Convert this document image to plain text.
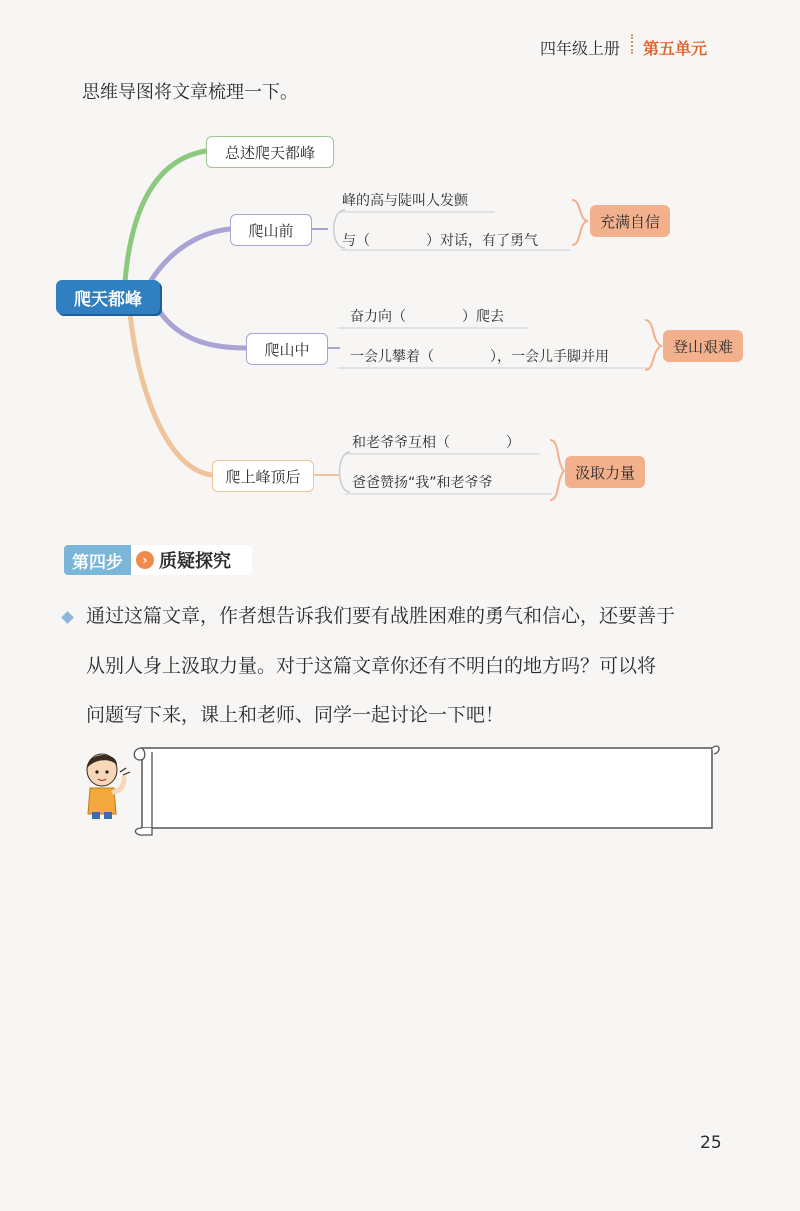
四年级上册 第五单元
思维导图将文章梳理一下。
爬天都峰
总述爬天都峰
爬山前
峰的高与陡叫人发颤
与（　　　　）对话，有了勇气
充满自信
爬山中
奋力向（　　　　）爬去
一会儿攀着（　　　　），一会儿手脚并用
登山艰难
爬上峰顶后
和老爷爷互相（　　　　）
爸爸赞扬“我”和老爷爷
汲取力量
第四步	› 质疑探究
通过这篇文章，作者想告诉我们要有战胜困难的勇气和信心，还要善于
从别人身上汲取力量。对于这篇文章你还有不明白的地方吗？可以将
问题写下来，课上和老师、同学一起讨论一下吧！
25
